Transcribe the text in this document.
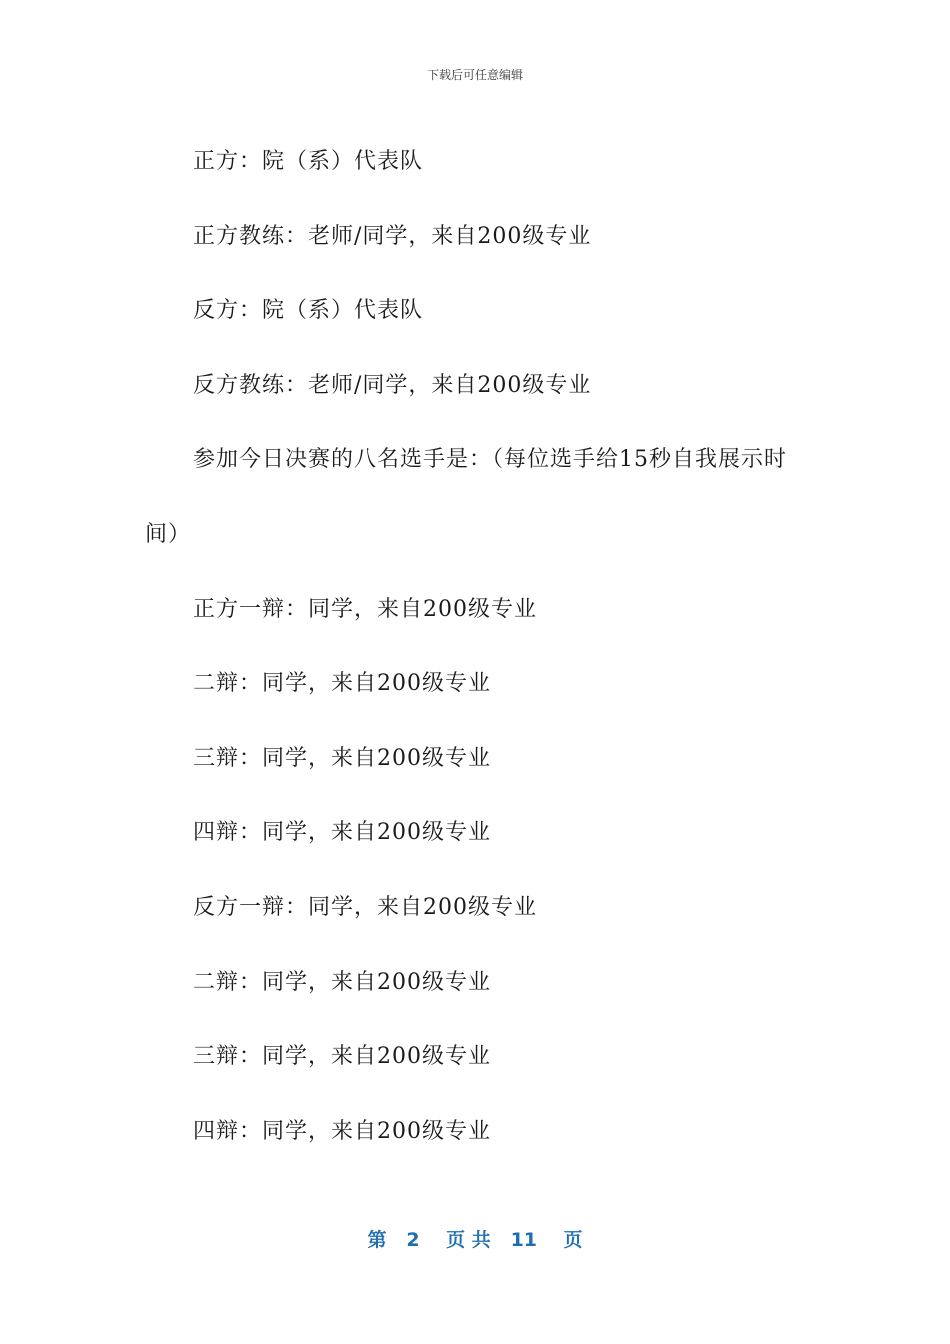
下载后可任意编辑

正方：院（系）代表队

正方教练：老师/同学，来自200级专业

反方：院（系）代表队

反方教练：老师/同学，来自200级专业

参加今日决赛的八名选手是：（每位选手给15秒自我展示时间）

正方一辩：同学，来自200级专业

二辩：同学，来自200级专业

三辩：同学，来自200级专业

四辩：同学，来自200级专业

反方一辩：同学，来自200级专业

二辩：同学，来自200级专业

三辩：同学，来自200级专业

四辩：同学，来自200级专业

第 2 页 共 11 页
